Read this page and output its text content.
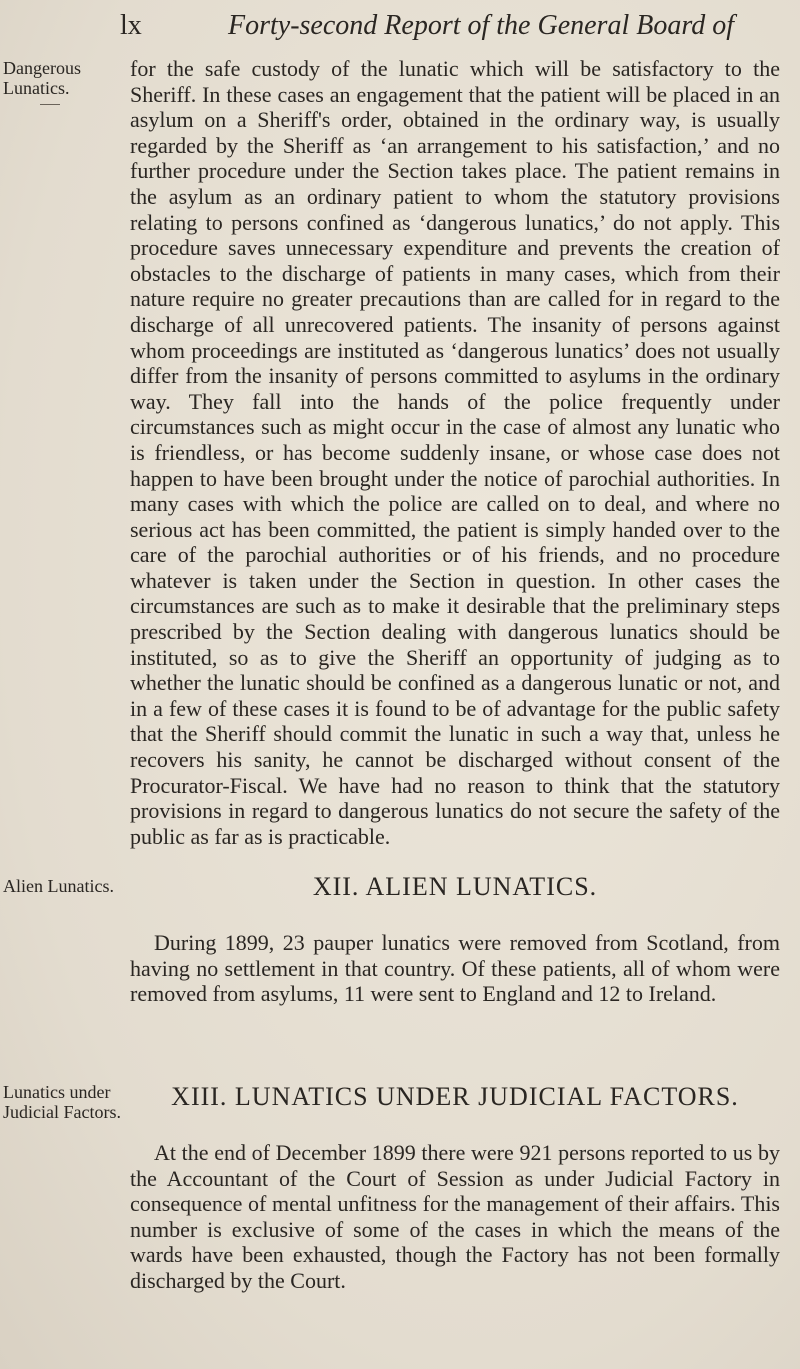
lx	Forty-second Report of the General Board of
Dangerous Lunatics.

for the safe custody of the lunatic which will be satisfactory to the Sheriff. In these cases an engagement that the patient will be placed in an asylum on a Sheriff's order, obtained in the ordinary way, is usually regarded by the Sheriff as ‘an arrangement to his satisfaction,’ and no further procedure under the Section takes place. The patient remains in the asylum as an ordinary patient to whom the statutory provisions relating to persons confined as ‘dangerous lunatics,’ do not apply. This procedure saves unnecessary expenditure and prevents the creation of obstacles to the discharge of patients in many cases, which from their nature require no greater precautions than are called for in regard to the discharge of all unrecovered patients. The insanity of persons against whom proceedings are instituted as ‘dangerous lunatics’ does not usually differ from the insanity of persons committed to asylums in the ordinary way. They fall into the hands of the police frequently under circumstances such as might occur in the case of almost any lunatic who is friendless, or has become suddenly insane, or whose case does not happen to have been brought under the notice of parochial authorities. In many cases with which the police are called on to deal, and where no serious act has been committed, the patient is simply handed over to the care of the parochial authorities or of his friends, and no procedure whatever is taken under the Section in question. In other cases the circumstances are such as to make it desirable that the preliminary steps prescribed by the Section dealing with dangerous lunatics should be instituted, so as to give the Sheriff an opportunity of judging as to whether the lunatic should be confined as a dangerous lunatic or not, and in a few of these cases it is found to be of advantage for the public safety that the Sheriff should commit the lunatic in such a way that, unless he recovers his sanity, he cannot be discharged without consent of the Procurator-Fiscal. We have had no reason to think that the statutory provisions in regard to dangerous lunatics do not secure the safety of the public as far as is practicable.

Alien Lunatics.	XII. ALIEN LUNATICS.

During 1899, 23 pauper lunatics were removed from Scotland, from having no settlement in that country. Of these patients, all of whom were removed from asylums, 11 were sent to England and 12 to Ireland.

Lunatics under Judicial Factors.
XIII. LUNATICS UNDER JUDICIAL FACTORS.

At the end of December 1899 there were 921 persons reported to us by the Accountant of the Court of Session as under Judicial Factory in consequence of mental unfitness for the management of their affairs. This number is exclusive of some of the cases in which the means of the wards have been exhausted, though the Factory has not been formally discharged by the Court.
